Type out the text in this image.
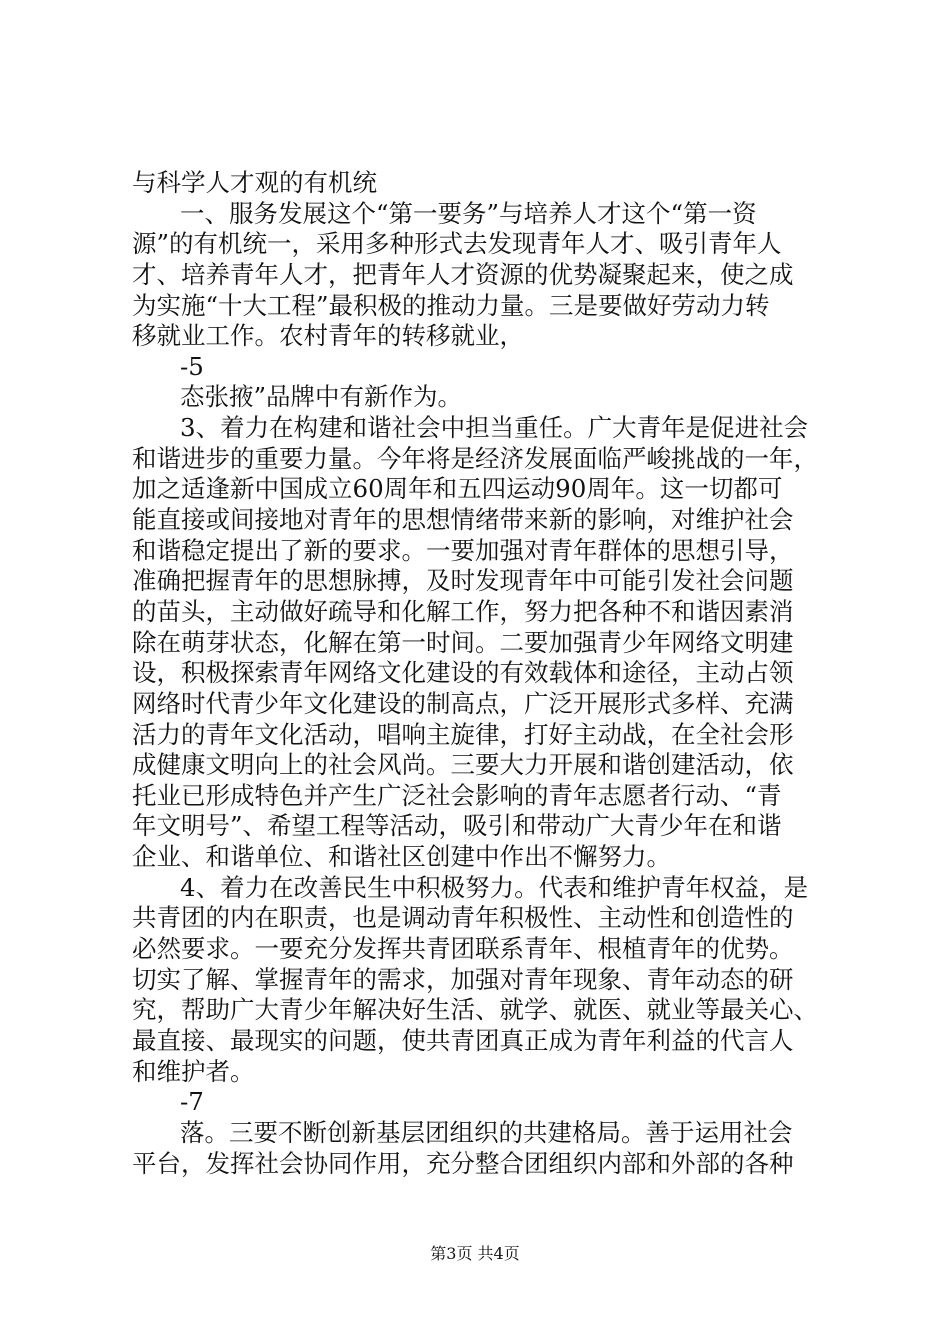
与科学人才观的有机统
一、服务发展这个“第一要务”与培养人才这个“第一资
源”的有机统一，采用多种形式去发现青年人才、吸引青年人
才、培养青年人才，把青年人才资源的优势凝聚起来，使之成
为实施“十大工程”最积极的推动力量。三是要做好劳动力转
移就业工作。农村青年的转移就业，
-5
态张掖”品牌中有新作为。
3、着力在构建和谐社会中担当重任。广大青年是促进社会
和谐进步的重要力量。今年将是经济发展面临严峻挑战的一年，
加之适逢新中国成立60周年和五四运动90周年。这一切都可
能直接或间接地对青年的思想情绪带来新的影响，对维护社会
和谐稳定提出了新的要求。一要加强对青年群体的思想引导，
准确把握青年的思想脉搏，及时发现青年中可能引发社会问题
的苗头，主动做好疏导和化解工作，努力把各种不和谐因素消
除在萌芽状态，化解在第一时间。二要加强青少年网络文明建
设，积极探索青年网络文化建设的有效载体和途径，主动占领
网络时代青少年文化建设的制高点，广泛开展形式多样、充满
活力的青年文化活动，唱响主旋律，打好主动战，在全社会形
成健康文明向上的社会风尚。三要大力开展和谐创建活动，依
托业已形成特色并产生广泛社会影响的青年志愿者行动、“青
年文明号”、希望工程等活动，吸引和带动广大青少年在和谐
企业、和谐单位、和谐社区创建中作出不懈努力。
4、着力在改善民生中积极努力。代表和维护青年权益，是
共青团的内在职责，也是调动青年积极性、主动性和创造性的
必然要求。一要充分发挥共青团联系青年、根植青年的优势。
切实了解、掌握青年的需求，加强对青年现象、青年动态的研
究，帮助广大青少年解决好生活、就学、就医、就业等最关心、
最直接、最现实的问题，使共青团真正成为青年利益的代言人
和维护者。
-7
落。三要不断创新基层团组织的共建格局。善于运用社会
平台，发挥社会协同作用，充分整合团组织内部和外部的各种
第3页 共4页
